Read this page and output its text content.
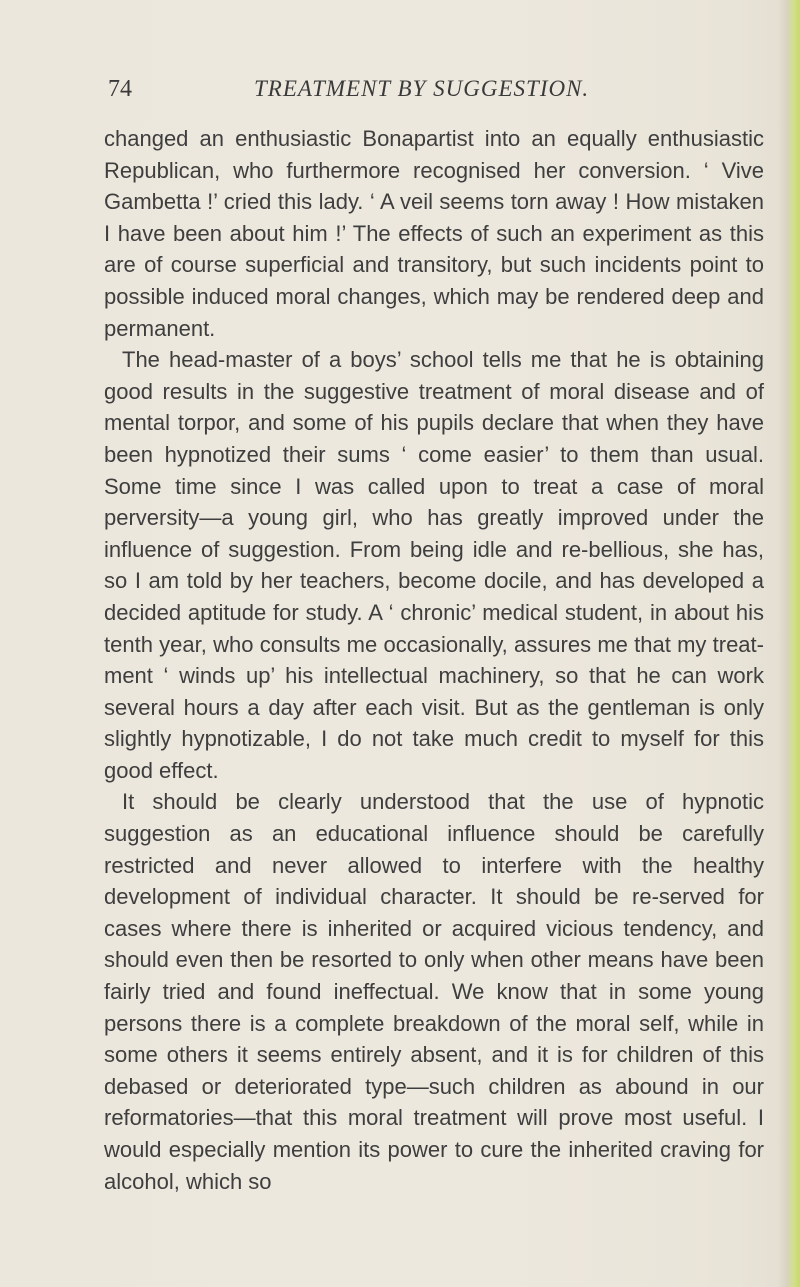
74	TREATMENT BY SUGGESTION.

changed an enthusiastic Bonapartist into an equally enthusiastic Republican, who furthermore recognised her conversion. ‘ Vive Gambetta !’ cried this lady. ‘ A veil seems torn away ! How mistaken I have been about him !’ The effects of such an experiment as this are of course superficial and transitory, but such incidents point to possible induced moral changes, which may be rendered deep and permanent.

The head-master of a boys’ school tells me that he is obtaining good results in the suggestive treatment of moral disease and of mental torpor, and some of his pupils declare that when they have been hypnotized their sums ‘ come easier’ to them than usual. Some time since I was called upon to treat a case of moral perversity—a young girl, who has greatly improved under the influence of suggestion. From being idle and re-bellious, she has, so I am told by her teachers, become docile, and has developed a decided aptitude for study. A ‘ chronic’ medical student, in about his tenth year, who consults me occasionally, assures me that my treat-ment ‘ winds up’ his intellectual machinery, so that he can work several hours a day after each visit. But as the gentleman is only slightly hypnotizable, I do not take much credit to myself for this good effect.

It should be clearly understood that the use of hypnotic suggestion as an educational influence should be carefully restricted and never allowed to interfere with the healthy development of individual character. It should be re-served for cases where there is inherited or acquired vicious tendency, and should even then be resorted to only when other means have been fairly tried and found ineffectual. We know that in some young persons there is a complete breakdown of the moral self, while in some others it seems entirely absent, and it is for children of this debased or deteriorated type—such children as abound in our reformatories—that this moral treatment will prove most useful. I would especially mention its power to cure the inherited craving for alcohol, which so
